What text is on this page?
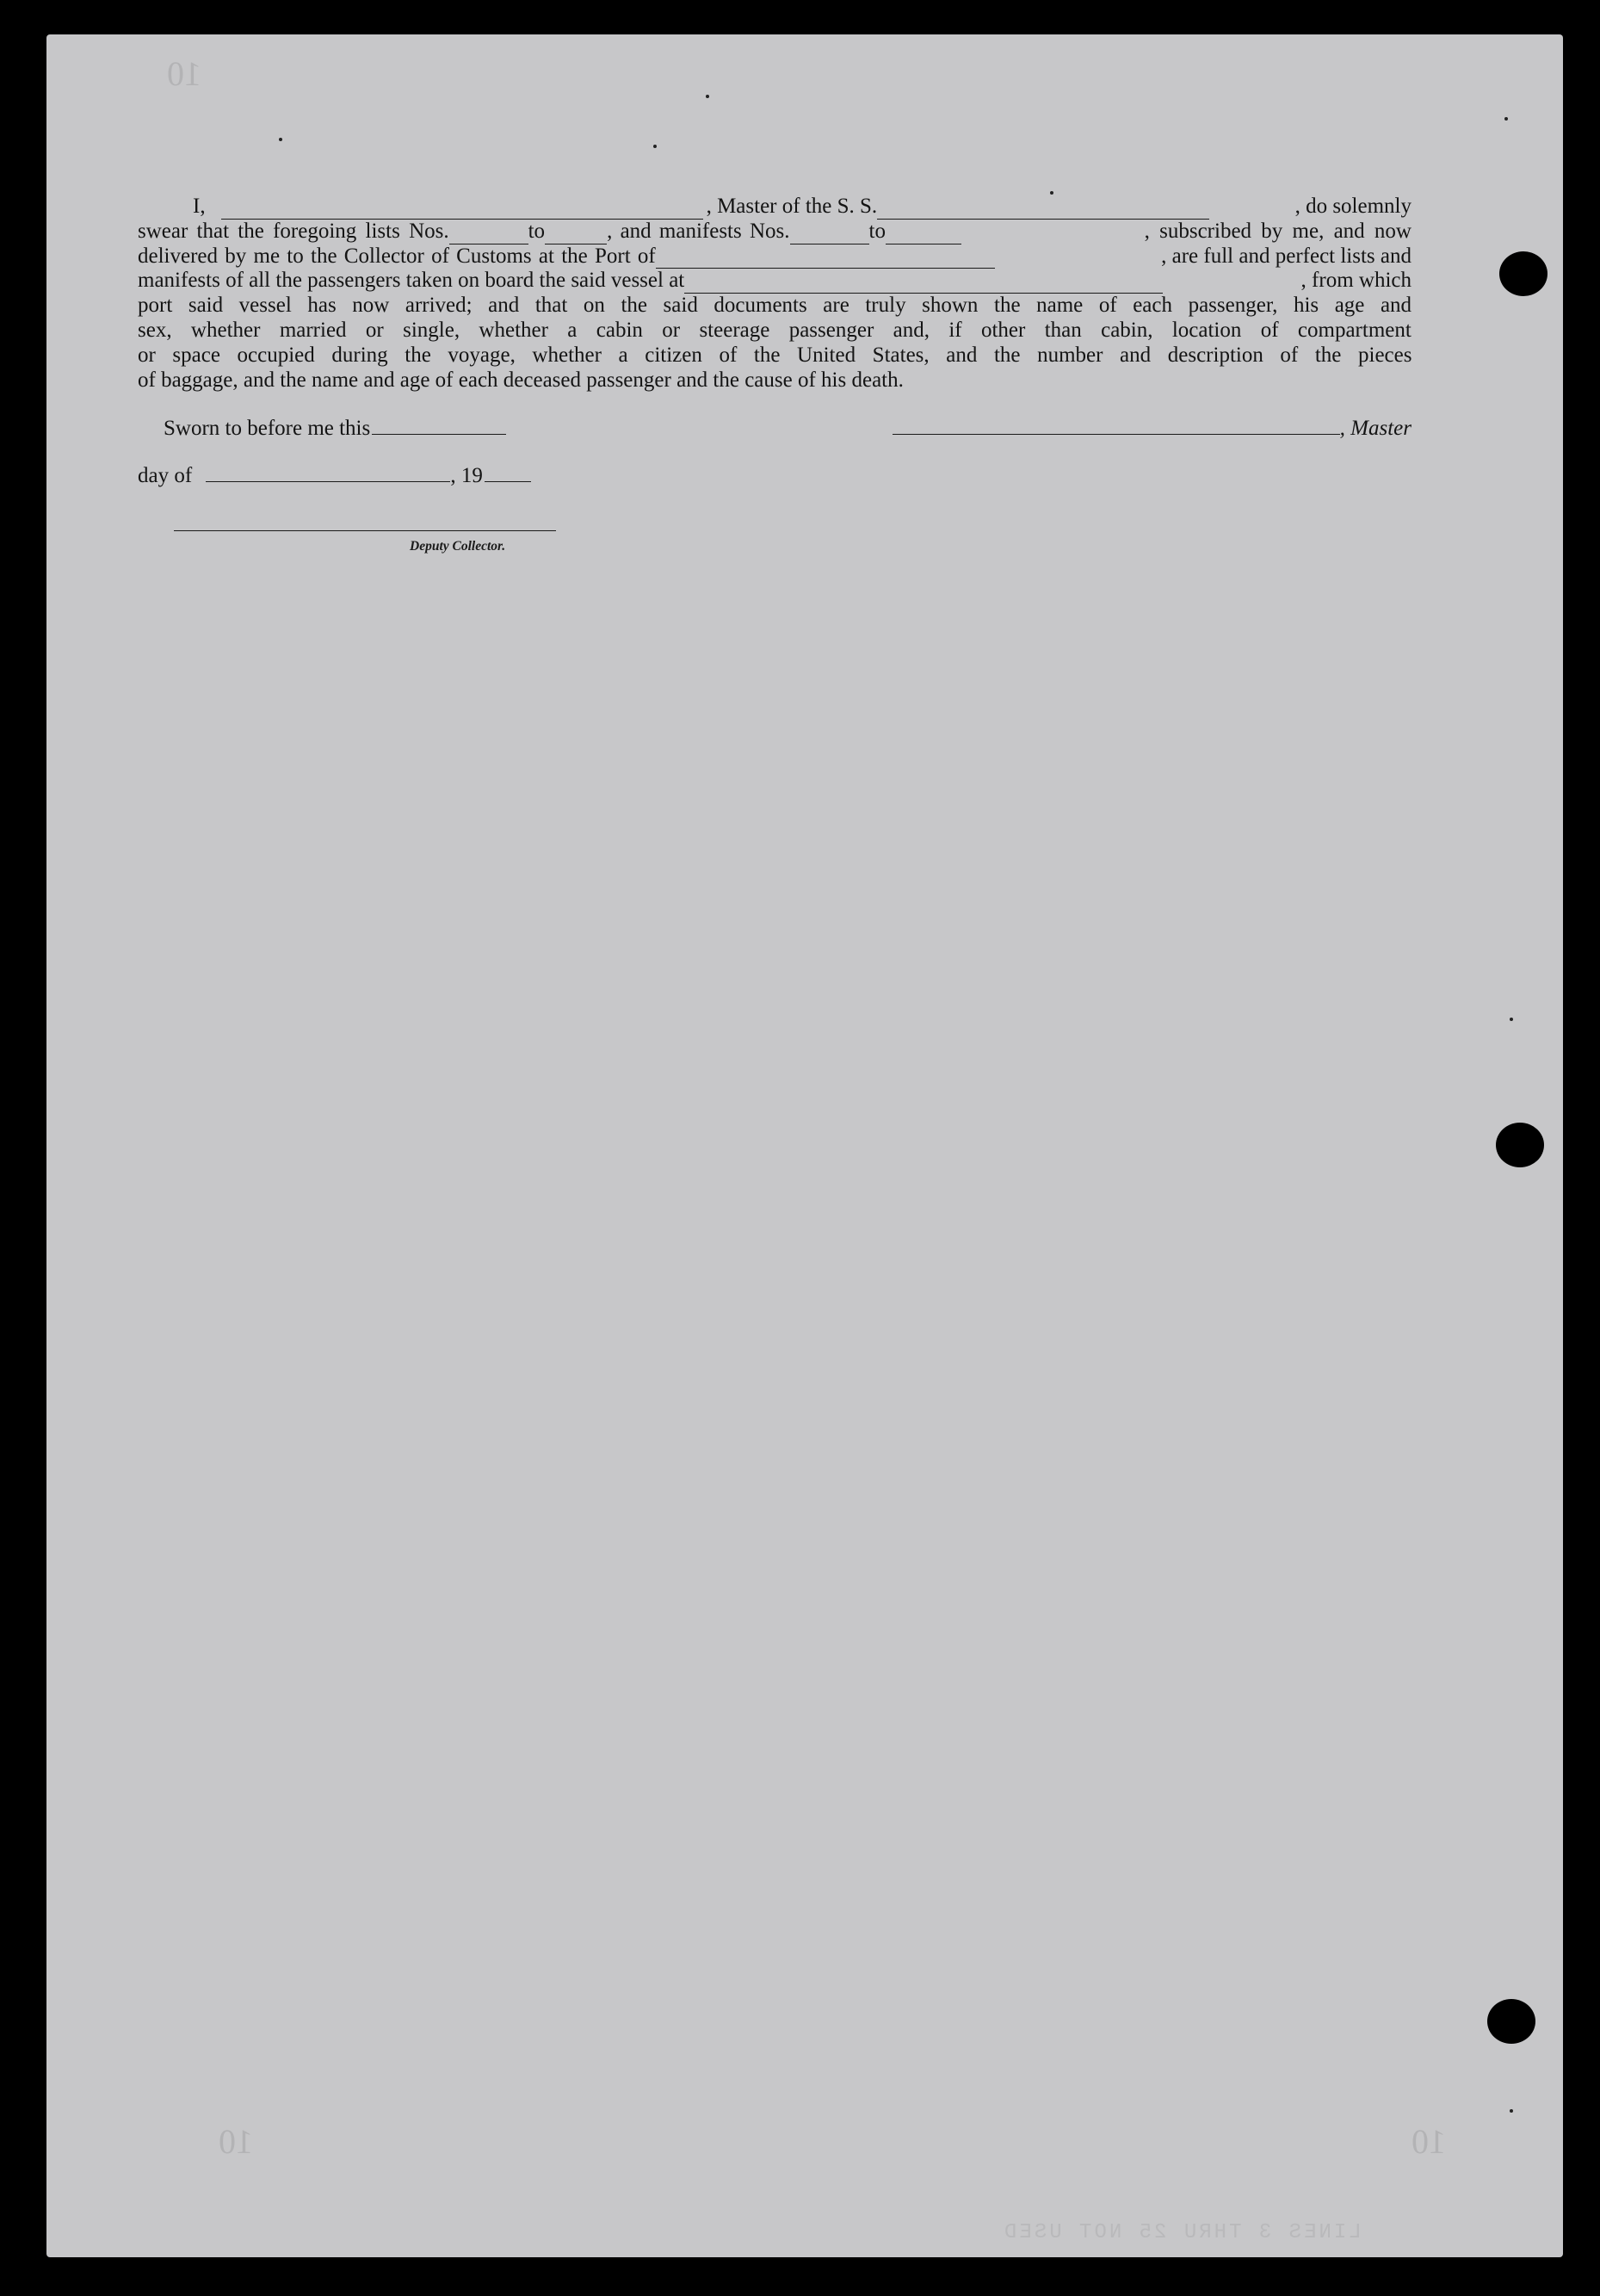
10
10	10
LINES 3 THRU 25 NOT USED
I,	, Master of the S. S.	, do solemnly
swear that the foregoing lists Nos.	to	, and manifests Nos.	to	, subscribed by me, and now
delivered by me to the Collector of Customs at the Port of	, are full and perfect lists and
manifests of all the passengers taken on board the said vessel at	, from which
port said vessel has now arrived; and that on the said documents are truly shown the name of each passenger, his age and
sex, whether married or single, whether a cabin or steerage passenger and, if other than cabin, location of compartment
or space occupied during the voyage, whether a citizen of the United States, and the number and description of the pieces
of baggage, and the name and age of each deceased passenger and the cause of his death.
Sworn to before me this	, Master
day of	, 19
Deputy Collector.
